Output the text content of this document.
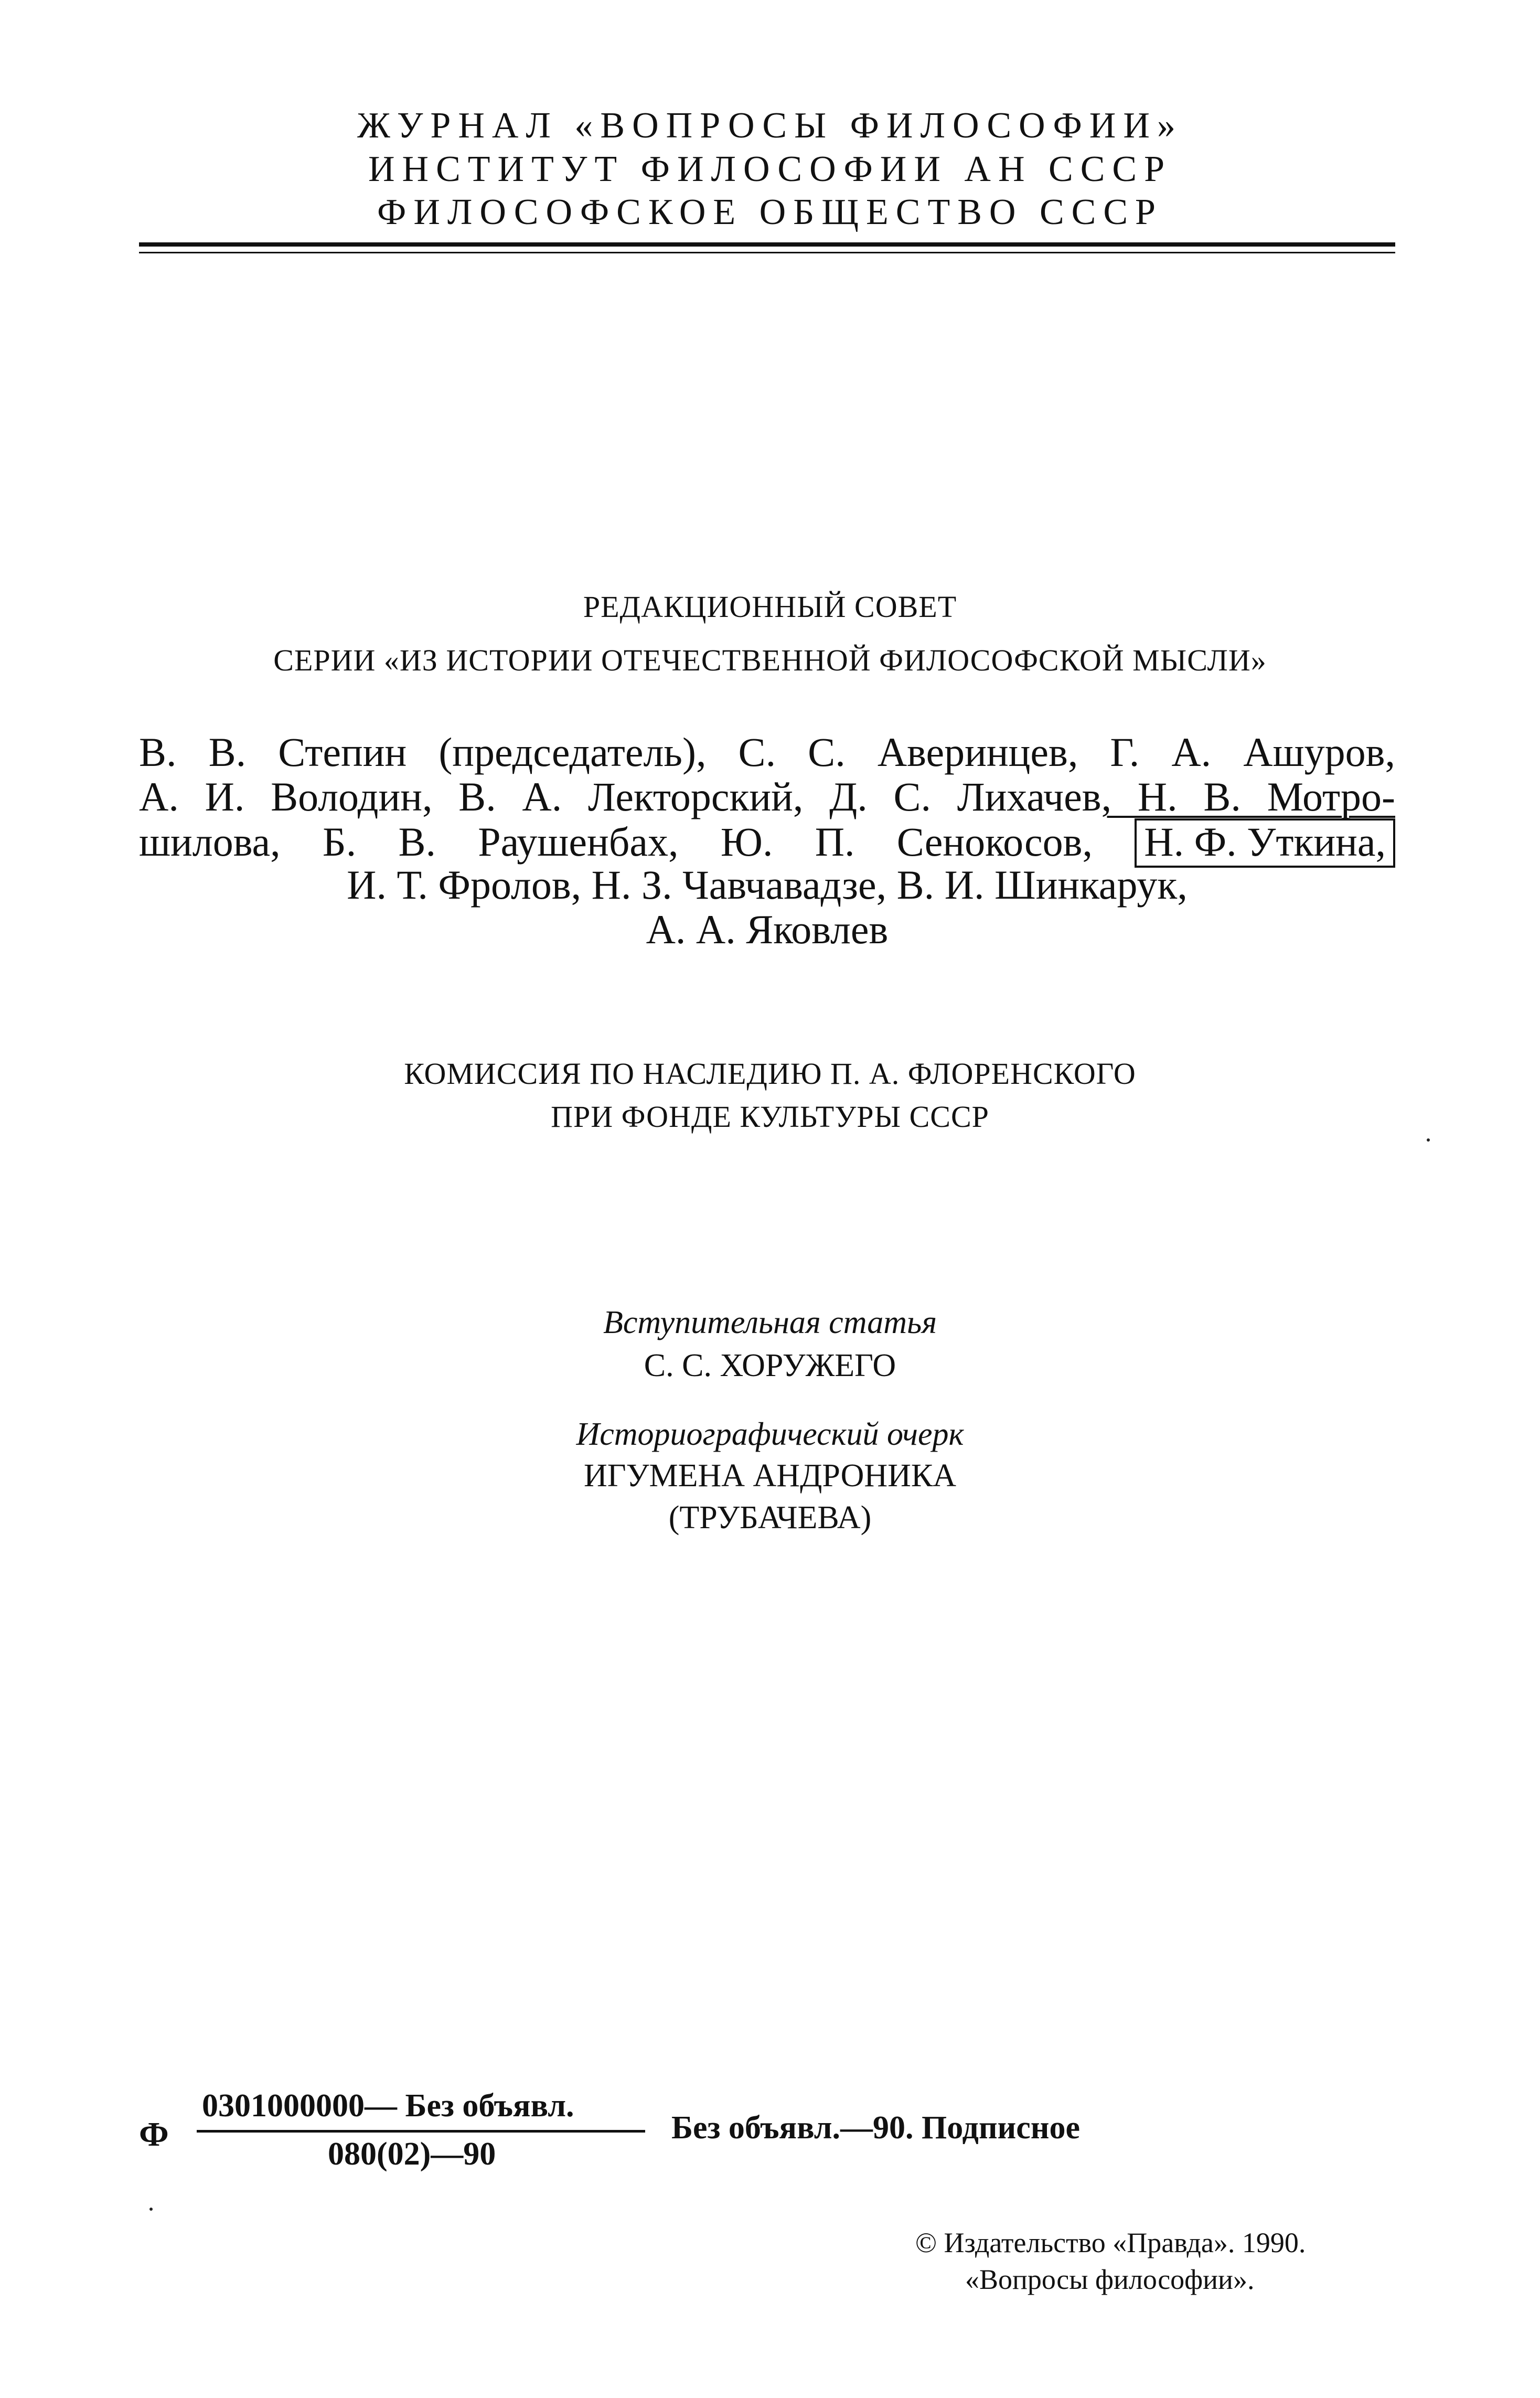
ЖУРНАЛ «ВОПРОСЫ ФИЛОСОФИИ»
ИНСТИТУТ ФИЛОСОФИИ АН СССР
ФИЛОСОФСКОЕ ОБЩЕСТВО СССР
РЕДАКЦИОННЫЙ СОВЕТ
СЕРИИ «ИЗ ИСТОРИИ ОТЕЧЕСТВЕННОЙ ФИЛОСОФСКОЙ МЫСЛИ»
В. В. Степин (председатель), С. С. Аверинцев, Г. А. Ашуров,
А. И. Володин, В. А. Лекторский, Д. С. Лихачев, Н. В. Мотро-
шилова, Б. В. Раушенбах, Ю. П. Сенокосов, Н. Ф. Уткина,
И. Т. Фролов, Н. З. Чавчавадзе, В. И. Шинкарук,
А. А. Яковлев
КОМИССИЯ ПО НАСЛЕДИЮ П. А. ФЛОРЕНСКОГО
ПРИ ФОНДЕ КУЛЬТУРЫ СССР
Вступительная статья
С. С. ХОРУЖЕГО
Историографический очерк
ИГУМЕНА АНДРОНИКА
(ТРУБАЧЕВА)
Ф
0301000000— Без объявл.
080(02)—90
Без объявл.—90. Подписное
© Издательство «Правда». 1990.
«Вопросы философии».
